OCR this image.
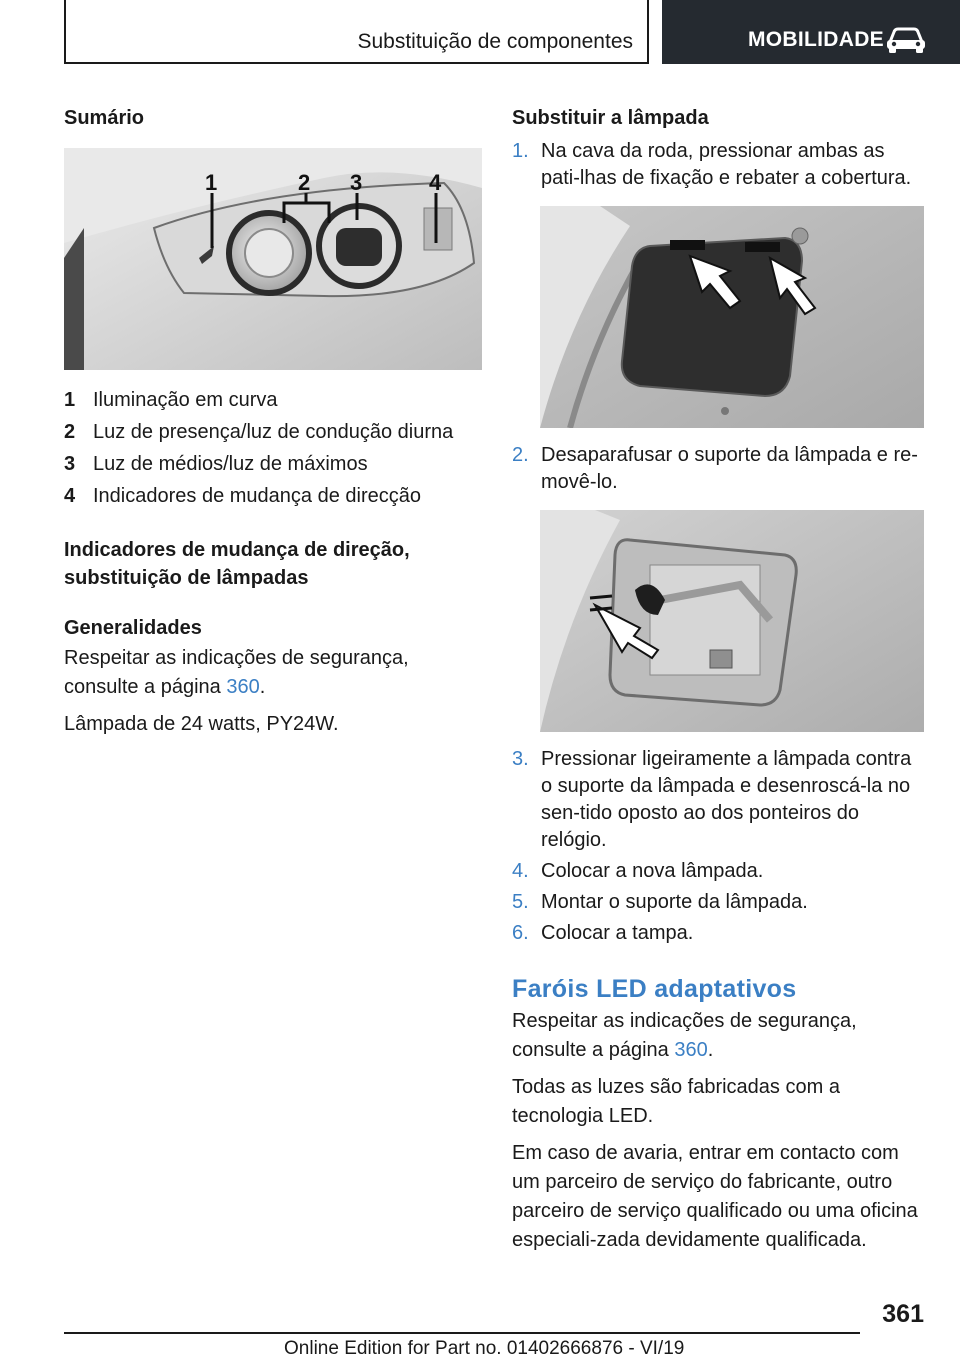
Substituição de componentes	MOBILIDADE
Sumário
1	2 3	4
1 Iluminação em curva
2 Luz de presença/luz de condução diurna
3 Luz de médios/luz de máximos
4 Indicadores de mudança de direcção
Indicadores de mudança de direção, substituição de lâmpadas
Generalidades

Respeitar as indicações de segurança, consulte a página 360.

Lâmpada de 24 watts, PY24W.

Substituir a lâmpada
1. Na cava da roda, pressionar ambas as pati-lhas de fixação e rebater a cobertura.
2. Desaparafusar o suporte da lâmpada e re-movê-lo.
3. Pressionar ligeiramente a lâmpada contra o suporte da lâmpada e desenroscá-la no sen-tido oposto ao dos ponteiros do relógio.
4. Colocar a nova lâmpada.
5. Montar o suporte da lâmpada.
6. Colocar a tampa.
Faróis LED adaptativos

Respeitar as indicações de segurança, consulte a página 360.

Todas as luzes são fabricadas com a tecnologia LED.

Em caso de avaria, entrar em contacto com um parceiro de serviço do fabricante, outro parceiro de serviço qualificado ou uma oficina especiali-zada devidamente qualificada.

361
Online Edition for Part no. 01402666876 - VI/19
